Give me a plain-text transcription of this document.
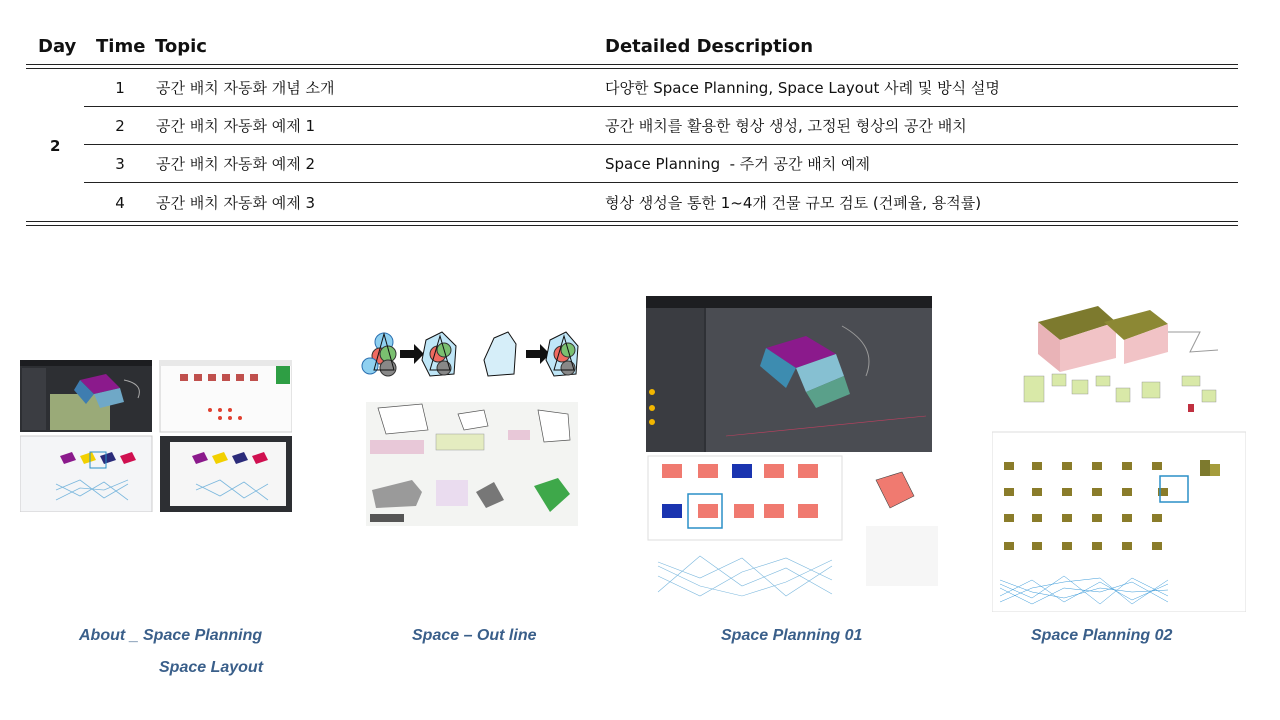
Day Time Topic	Detailed Description
2
1	공간 배치 자동화 개념 소개	다양한 Space Planning, Space Layout 사례 및 방식 설명
2	공간 배치 자동화 예제 1	공간 배치를 활용한 형상 생성, 고정된 형상의 공간 배치
3	공간 배치 자동화 예제 2	Space Planning  - 주거 공간 배치 예제
4	공간 배치 자동화 예제 3	형상 생성을 통한 1~4개 건물 규모 검토 (건폐율, 용적률)
About _ Space Planning
Space Layout
Space – Out line	Space Planning 01	Space Planning 02
